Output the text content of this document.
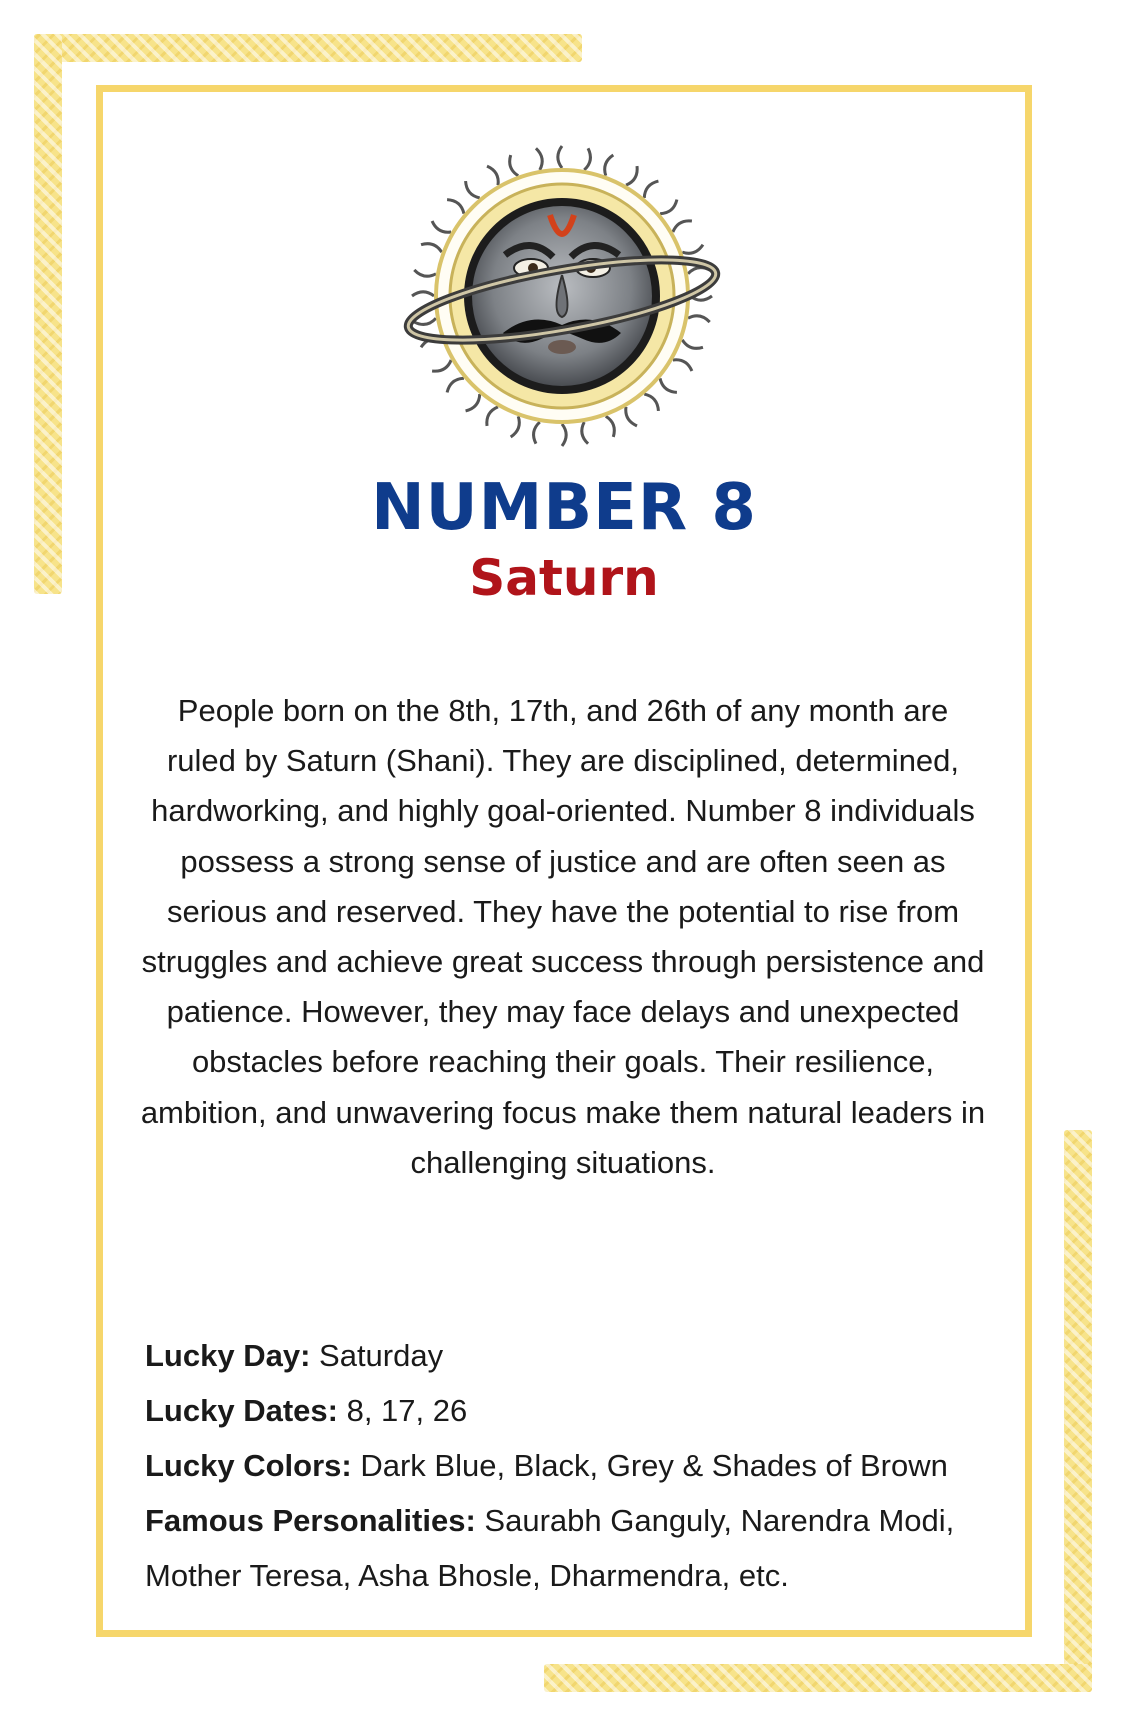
NUMBER 8
Saturn
People born on the 8th, 17th, and 26th of any month are ruled by Saturn (Shani). They are disciplined, determined, hardworking, and highly goal-oriented. Number 8 individuals possess a strong sense of justice and are often seen as serious and reserved. They have the potential to rise from struggles and achieve great success through persistence and patience. However, they may face delays and unexpected obstacles before reaching their goals. Their resilience, ambition, and unwavering focus make them natural leaders in challenging situations.

Lucky Day: Saturday

Lucky Dates: 8, 17, 26

Lucky Colors: Dark Blue, Black, Grey & Shades of Brown

Famous Personalities: Saurabh Ganguly, Narendra Modi, Mother Teresa, Asha Bhosle, Dharmendra, etc.
